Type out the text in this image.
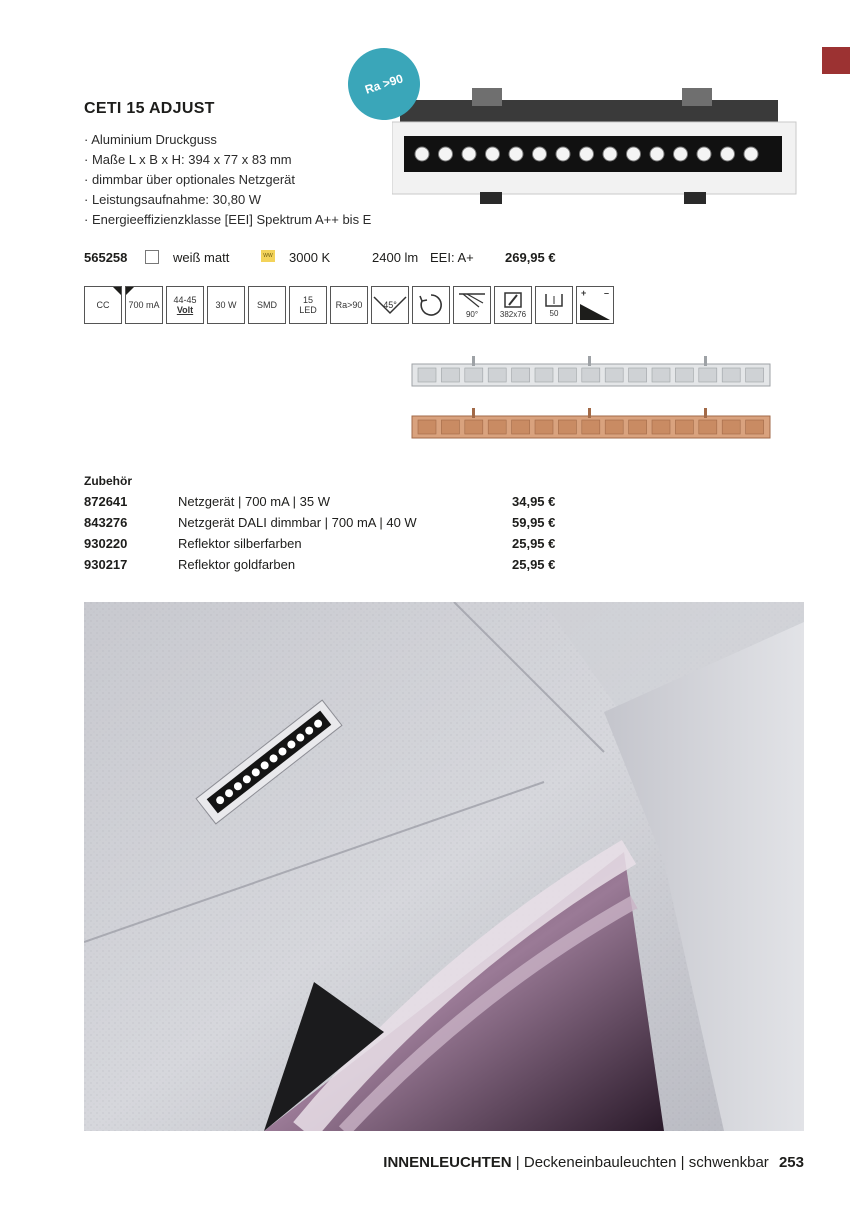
Ra >90
CETI 15 ADJUST
· Aluminium Druckguss
· Maße L x B x H: 394 x 77 x 83 mm
· dimmbar über optionales Netzgerät
· Leistungsaufnahme: 30,80 W
· Energieeffizienzklasse [EEI] Spektrum A++ bis E
565258	weiß matt	WW 3000 K	2400 lm EEI: A+ 269,95 €
CC 700 mA 44-45
Volt 30 W SMD	15
LED Ra>90 45°
90°	382x76	50
+ –
Zubehör
872641	Netzgerät | 700 mA | 35 W	34,95 €
843276	Netzgerät DALI dimmbar | 700 mA | 40 W	59,95 €
930220	Reflektor silberfarben	25,95 €
930217	Reflektor goldfarben	25,95 €
INNENLEUCHTEN | Deckeneinbauleuchten | schwenkbar 253
